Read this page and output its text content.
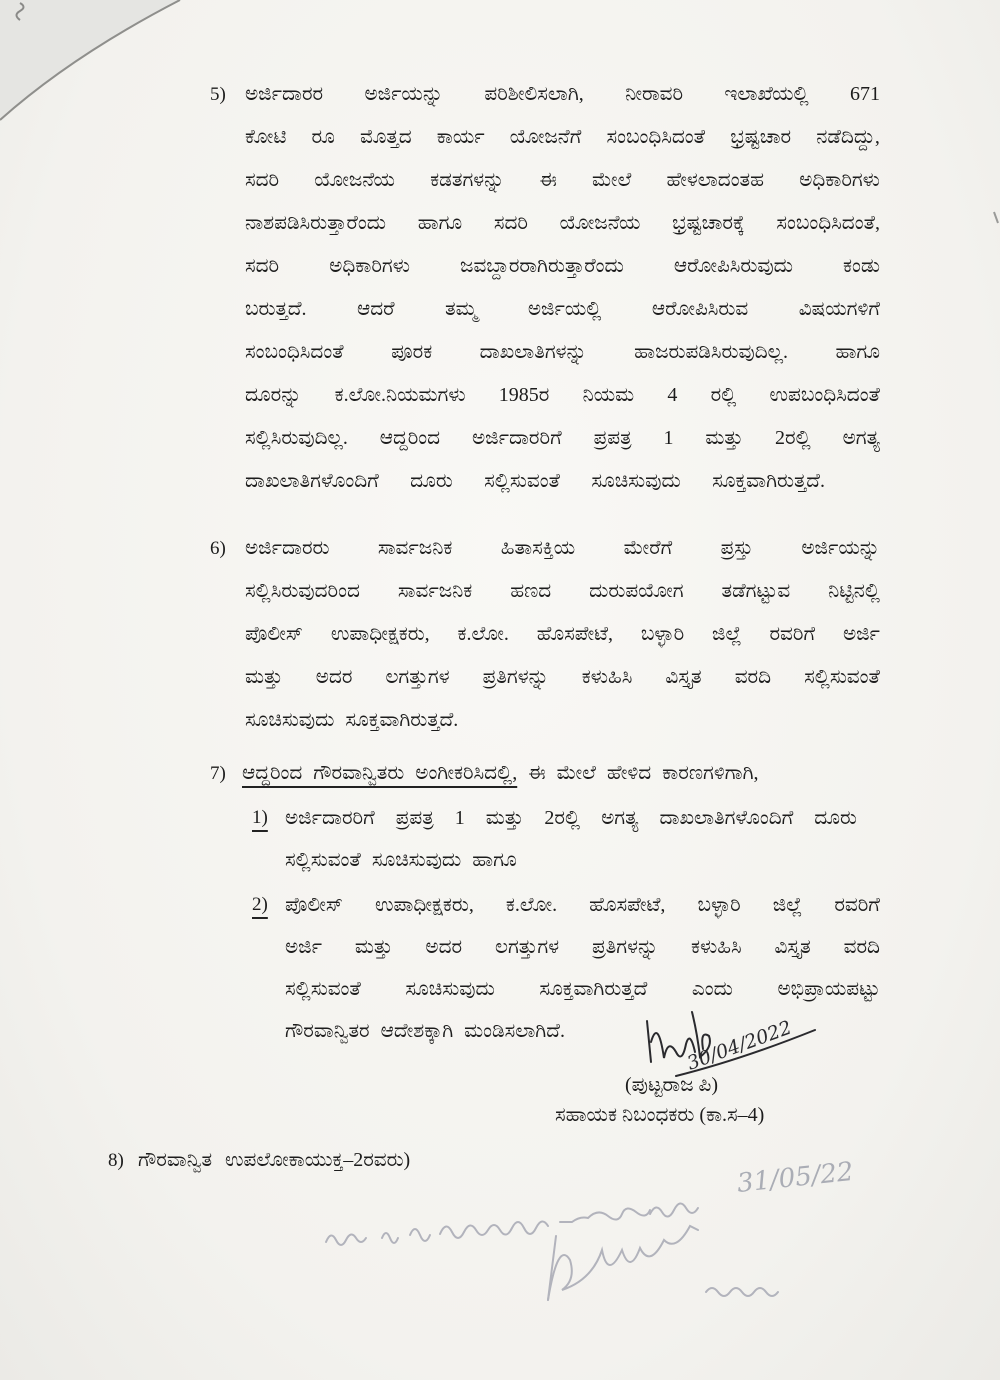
30/04/2022
31/05/22
5) ಅರ್ಜಿದಾರರ ಅರ್ಜಿಯನ್ನು ಪರಿಶೀಲಿಸಲಾಗಿ, ನೀರಾವರಿ ಇಲಾಖೆಯಲ್ಲಿ 671
ಕೋಟಿ ರೂ ಮೊತ್ತದ ಕಾರ್ಯ ಯೋಜನೆಗೆ ಸಂಬಂಧಿಸಿದಂತೆ ಭ್ರಷ್ಟಚಾರ ನಡೆದಿದ್ದು,
ಸದರಿ ಯೋಜನೆಯ ಕಡತಗಳನ್ನು ಈ ಮೇಲೆ ಹೇಳಲಾದಂತಹ ಅಧಿಕಾರಿಗಳು
ನಾಶಪಡಿಸಿರುತ್ತಾರೆಂದು ಹಾಗೂ ಸದರಿ ಯೋಜನೆಯ ಭ್ರಷ್ಟಚಾರಕ್ಕೆ ಸಂಬಂಧಿಸಿದಂತೆ,
ಸದರಿ	ಅಧಿಕಾರಿಗಳು	ಜವಬ್ದಾರರಾಗಿರುತ್ತಾರೆಂದು	ಆರೋಪಿಸಿರುವುದು	ಕಂಡು
ಬರುತ್ತದೆ.	ಆದರೆ	ತಮ್ಮ	ಅರ್ಜಿಯಲ್ಲಿ	ಆರೋಪಿಸಿರುವ	ವಿಷಯಗಳಿಗೆ
ಸಂಬಂಧಿಸಿದಂತೆ ಪೂರಕ ದಾಖಲಾತಿಗಳನ್ನು ಹಾಜರುಪಡಿಸಿರುವುದಿಲ್ಲ. ಹಾಗೂ
ದೂರನ್ನು ಕ.ಲೋ.ನಿಯಮಗಳು 1985ರ ನಿಯಮ 4 ರಲ್ಲಿ ಉಪಬಂಧಿಸಿದಂತೆ
ಸಲ್ಲಿಸಿರುವುದಿಲ್ಲ. ಆದ್ದರಿಂದ ಅರ್ಜಿದಾರರಿಗೆ ಪ್ರಪತ್ರ 1 ಮತ್ತು 2ರಲ್ಲಿ ಅಗತ್ಯ
ದಾಖಲಾತಿಗಳೊಂದಿಗೆ ದೂರು ಸಲ್ಲಿಸುವಂತೆ ಸೂಚಿಸುವುದು ಸೂಕ್ತವಾಗಿರುತ್ತದೆ.
6) ಅರ್ಜಿದಾರರು ಸಾರ್ವಜನಿಕ ಹಿತಾಸಕ್ತಿಯ ಮೇರೆಗೆ ಪ್ರಸ್ತು ಅರ್ಜಿಯನ್ನು
ಸಲ್ಲಿಸಿರುವುದರಿಂದ ಸಾರ್ವಜನಿಕ ಹಣದ ದುರುಪಯೋಗ ತಡೆಗಟ್ಟುವ ನಿಟ್ಟಿನಲ್ಲಿ
ಪೊಲೀಸ್ ಉಪಾಧೀಕ್ಷಕರು, ಕ.ಲೋ. ಹೊಸಪೇಟೆ, ಬಳ್ಳಾರಿ ಜಿಲ್ಲೆ ರವರಿಗೆ ಅರ್ಜಿ
ಮತ್ತು ಅದರ ಲಗತ್ತುಗಳ ಪ್ರತಿಗಳನ್ನು ಕಳುಹಿಸಿ ವಿಸ್ತೃತ ವರದಿ ಸಲ್ಲಿಸುವಂತೆ
ಸೂಚಿಸುವುದು ಸೂಕ್ತವಾಗಿರುತ್ತದೆ.
7) ಆದ್ದರಿಂದ ಗೌರವಾನ್ವಿತರು ಅಂಗೀಕರಿಸಿದಲ್ಲಿ, ಈ ಮೇಲೆ ಹೇಳಿದ ಕಾರಣಗಳಿಗಾಗಿ,
1) ಅರ್ಜಿದಾರರಿಗೆ ಪ್ರಪತ್ರ 1 ಮತ್ತು 2ರಲ್ಲಿ ಅಗತ್ಯ ದಾಖಲಾತಿಗಳೊಂದಿಗೆ ದೂರು
ಸಲ್ಲಿಸುವಂತೆ ಸೂಚಿಸುವುದು ಹಾಗೂ
2) ಪೊಲೀಸ್ ಉಪಾಧೀಕ್ಷಕರು, ಕ.ಲೋ. ಹೊಸಪೇಟೆ, ಬಳ್ಳಾರಿ ಜಿಲ್ಲೆ ರವರಿಗೆ
ಅರ್ಜಿ ಮತ್ತು ಅದರ ಲಗತ್ತುಗಳ ಪ್ರತಿಗಳನ್ನು ಕಳುಹಿಸಿ ವಿಸ್ತೃತ ವರದಿ
ಸಲ್ಲಿಸುವಂತೆ ಸೂಚಿಸುವುದು ಸೂಕ್ತವಾಗಿರುತ್ತದೆ ಎಂದು ಅಭಿಪ್ರಾಯಪಟ್ಟು
ಗೌರವಾನ್ವಿತರ ಆದೇಶಕ್ಕಾಗಿ ಮಂಡಿಸಲಾಗಿದೆ.
(ಪುಟ್ಟರಾಜ ಪಿ)
ಸಹಾಯಕ ನಿಬಂಧಕರು (ಕಾ.ಸ–4)
8) ಗೌರವಾನ್ವಿತ ಉಪಲೋಕಾಯುಕ್ತ–2ರವರು)
